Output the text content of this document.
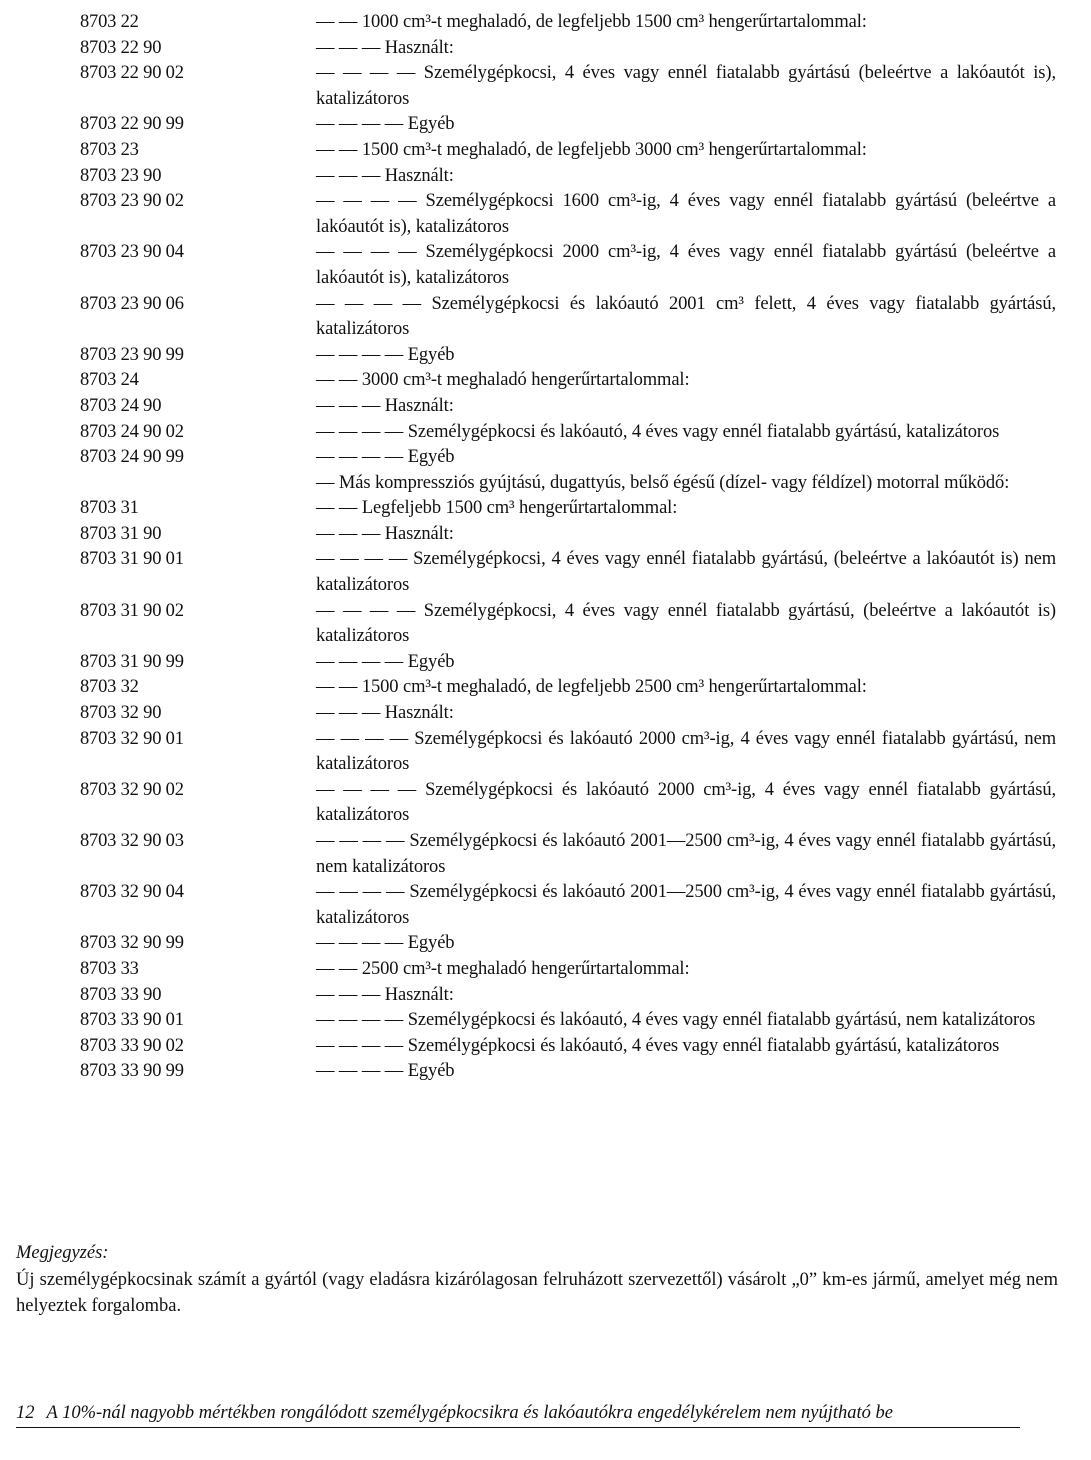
8703 22	— — 1000 cm³-t meghaladó, de legfeljebb 1500 cm³ hengerűrtartalommal:
8703 22 90	— — — Használt:
8703 22 90 02	— — — — Személygépkocsi, 4 éves vagy ennél fiatalabb gyártású (beleértve a lakóautót is), katalizátoros
8703 22 90 99	— — — — Egyéb
8703 23	— — 1500 cm³-t meghaladó, de legfeljebb 3000 cm³ hengerűrtartalommal:
8703 23 90	— — — Használt:
8703 23 90 02	— — — — Személygépkocsi 1600 cm³-ig, 4 éves vagy ennél fiatalabb gyártású (beleértve a lakóautót is), katalizátoros
8703 23 90 04	— — — — Személygépkocsi 2000 cm³-ig, 4 éves vagy ennél fiatalabb gyártású (beleértve a lakóautót is), katalizátoros
8703 23 90 06	— — — — Személygépkocsi és lakóautó 2001 cm³ felett, 4 éves vagy fiatalabb gyártású, katalizátoros
8703 23 90 99	— — — — Egyéb
8703 24	— — 3000 cm³-t meghaladó hengerűrtartalommal:
8703 24 90	— — — Használt:
8703 24 90 02	— — — — Személygépkocsi és lakóautó, 4 éves vagy ennél fiatalabb gyártású, katalizátoros
8703 24 90 99	— — — — Egyéb
— Más kompressziós gyújtású, dugattyús, belső égésű (dízel- vagy féldízel) motorral működő:
8703 31	— — Legfeljebb 1500 cm³ hengerűrtartalommal:
8703 31 90	— — — Használt:
8703 31 90 01	— — — — Személygépkocsi, 4 éves vagy ennél fiatalabb gyártású, (beleértve a lakóautót is) nem katalizátoros
8703 31 90 02	— — — — Személygépkocsi, 4 éves vagy ennél fiatalabb gyártású, (beleértve a lakóautót is) katalizátoros
8703 31 90 99	— — — — Egyéb
8703 32	— — 1500 cm³-t meghaladó, de legfeljebb 2500 cm³ hengerűrtartalommal:
8703 32 90	— — — Használt:
8703 32 90 01	— — — — Személygépkocsi és lakóautó 2000 cm³-ig, 4 éves vagy ennél fiatalabb gyártású, nem katalizátoros
8703 32 90 02	— — — — Személygépkocsi és lakóautó 2000 cm³-ig, 4 éves vagy ennél fiatalabb gyártású, katalizátoros
8703 32 90 03	— — — — Személygépkocsi és lakóautó 2001—2500 cm³-ig, 4 éves vagy ennél fiatalabb gyártású, nem katalizátoros
8703 32 90 04	— — — — Személygépkocsi és lakóautó 2001—2500 cm³-ig, 4 éves vagy ennél fiatalabb gyártású, katalizátoros
8703 32 90 99	— — — — Egyéb
8703 33	— — 2500 cm³-t meghaladó hengerűrtartalommal:
8703 33 90	— — — Használt:
8703 33 90 01	— — — — Személygépkocsi és lakóautó, 4 éves vagy ennél fiatalabb gyártású, nem katalizátoros
8703 33 90 02	— — — — Személygépkocsi és lakóautó, 4 éves vagy ennél fiatalabb gyártású, katalizátoros
8703 33 90 99	— — — — Egyéb
Megjegyzés:
Új személygépkocsinak számít a gyártól (vagy eladásra kizárólagosan felruházott szervezettől) vásárolt „0” km-es jármű, amelyet még nem helyeztek forgalomba.
12 A 10%-nál nagyobb mértékben rongálódott személygépkocsikra és lakóautókra engedélykérelem nem nyújtható be
